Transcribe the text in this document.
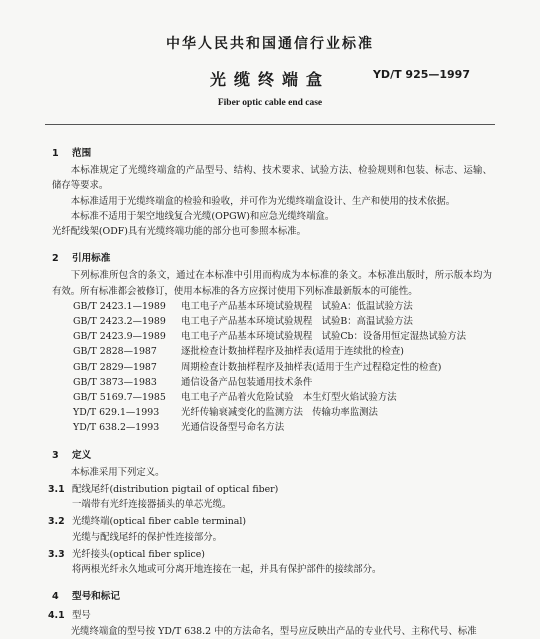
中华人民共和国通信行业标准
光缆终端盒	YD/T 925—1997
Fiber optic cable end case
1 范围
本标准规定了光缆终端盒的产品型号、结构、技术要求、试验方法、检验规则和包装、标志、运输、储存等要求。
本标准适用于光缆终端盒的检验和验收，并可作为光缆终端盒设计、生产和使用的技术依据。
本标准不适用于架空地线复合光缆(OPGW)和应急光缆终端盒。
光纤配线架(ODF)具有光缆终端功能的部分也可参照本标准。
2 引用标准
下列标准所包含的条文，通过在本标准中引用而构成为本标准的条文。本标准出版时，所示版本均为有效。所有标准都会被修订，使用本标准的各方应探讨使用下列标准最新版本的可能性。
GB/T 2423.1—1989 电工电子产品基本环境试验规程　试验A：低温试验方法
GB/T 2423.2—1989 电工电子产品基本环境试验规程　试验B：高温试验方法
GB/T 2423.9—1989 电工电子产品基本环境试验规程　试验Cb：设备用恒定湿热试验方法
GB/T 2828—1987	逐批检查计数抽样程序及抽样表(适用于连续批的检查)
GB/T 2829—1987	周期检查计数抽样程序及抽样表(适用于生产过程稳定性的检查)
GB/T 3873—1983	通信设备产品包装通用技术条件
GB/T 5169.7—1985 电工电子产品着火危险试验　本生灯型火焰试验方法
YD/T 629.1—1993 光纤传输衰减变化的监测方法　传输功率监测法
YD/T 638.2—1993 光通信设备型号命名方法
3 定义
本标准采用下列定义。
3.1 配线尾纤(distribution pigtail of optical fiber)
一端带有光纤连接器插头的单芯光缆。
3.2 光缆终端(optical fiber cable terminal)
光缆与配线尾纤的保护性连接部分。
3.3 光纤接头(optical fiber splice)
将两根光纤永久地或可分离开地连接在一起，并具有保护部件的接续部分。
4 型号和标记
4.1 型号
光缆终端盒的型号按 YD/T 638.2 中的方法命名，型号应反映出产品的专业代号、主称代号、标准
